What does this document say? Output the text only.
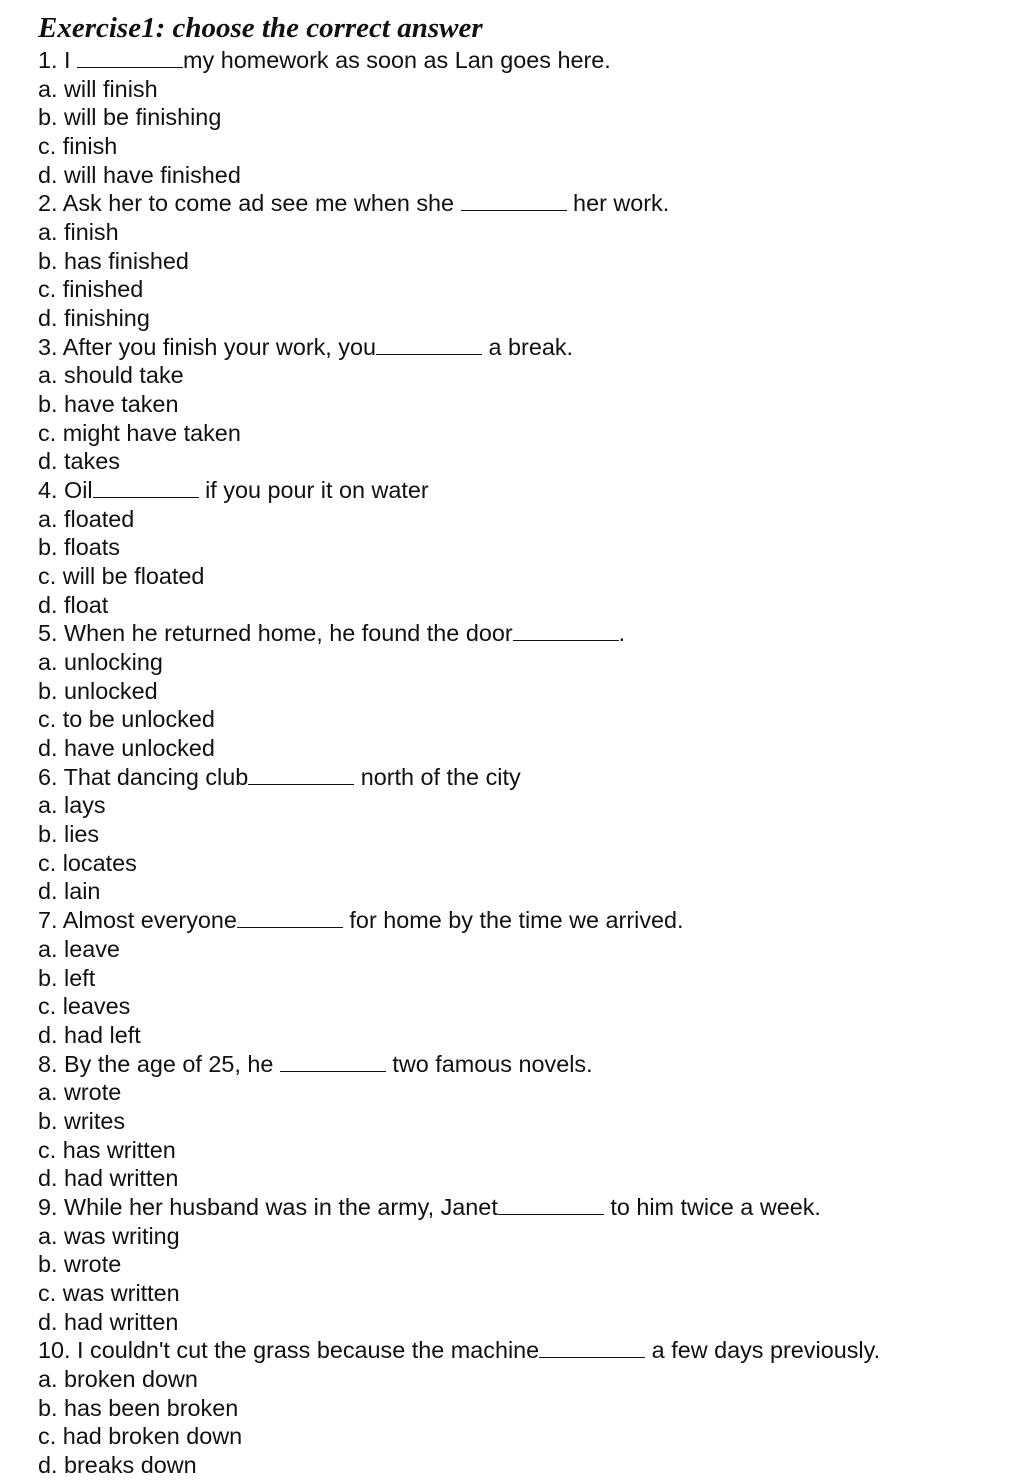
Exercise1: choose the correct answer
1. I	my homework as soon as Lan goes here.
a. will finish
b. will be finishing
c. finish
d. will have finished
2. Ask her to come ad see me when she	her work.
a. finish
b. has finished
c. finished
d. finishing
3. After you finish your work, you	a break.
a. should take
b. have taken
c. might have taken
d. takes
4. Oil	if you pour it on water
a. floated
b. floats
c. will be floated
d. float
5. When he returned home, he found the door	.
a. unlocking
b. unlocked
c. to be unlocked
d. have unlocked
6. That dancing club	north of the city
a. lays
b. lies
c. locates
d. lain
7. Almost everyone	for home by the time we arrived.
a. leave
b. left
c. leaves
d. had left
8. By the age of 25, he	two famous novels.
a. wrote
b. writes
c. has written
d. had written
9. While her husband was in the army, Janet	to him twice a week.
a. was writing
b. wrote
c. was written
d. had written
10. I couldn't cut the grass because the machine	a few days previously.
a. broken down
b. has been broken
c. had broken down
d. breaks down
